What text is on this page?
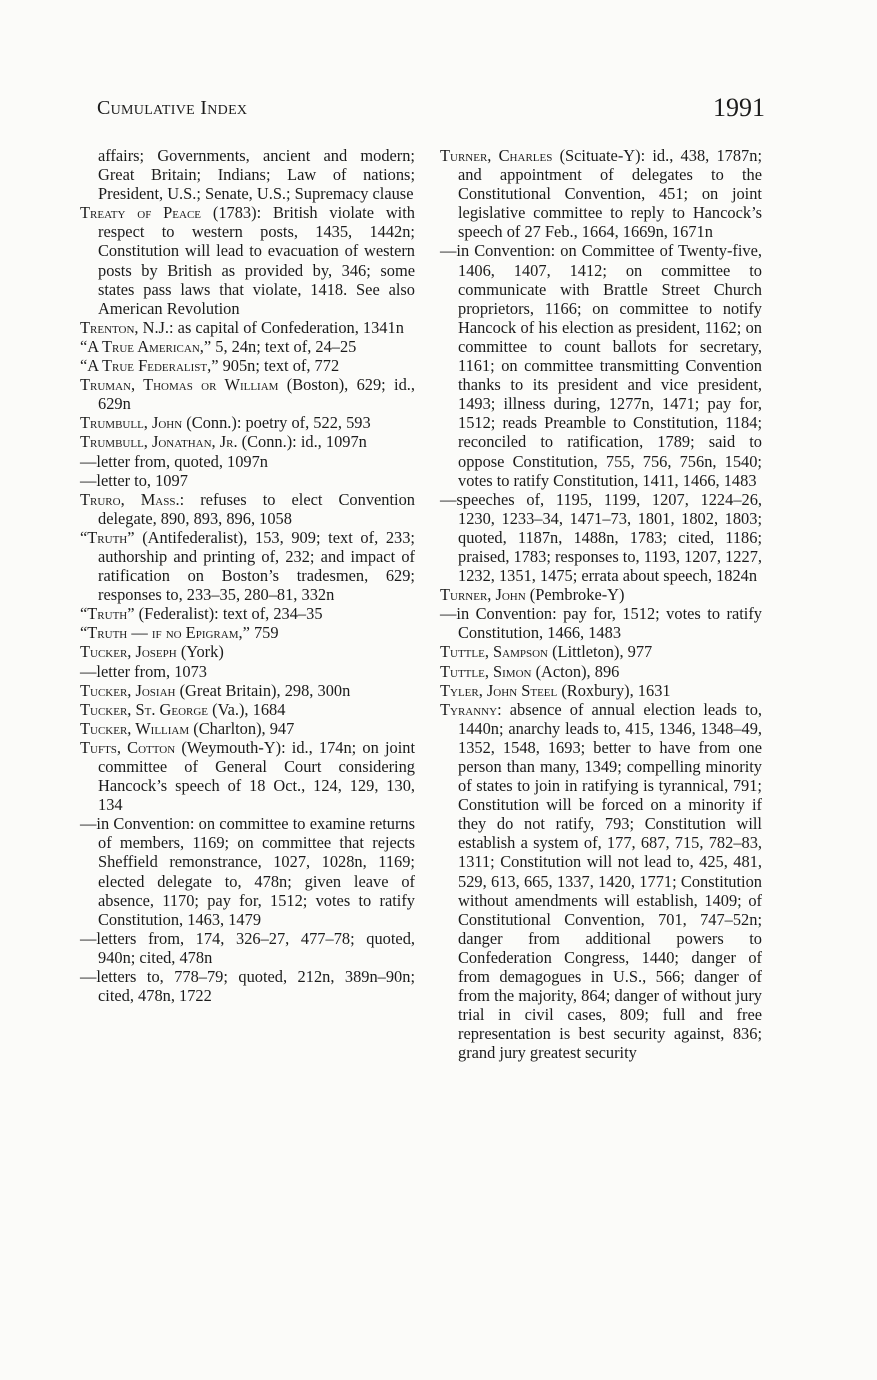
Cumulative Index	1991

affairs; Governments, ancient and modern; Great Britain; Indians; Law of nations; President, U.S.; Senate, U.S.; Supremacy clause

Treaty of Peace (1783): British violate with respect to western posts, 1435, 1442n; Constitution will lead to evacuation of western posts by British as provided by, 346; some states pass laws that violate, 1418. See also American Revolution

Trenton, N.J.: as capital of Confederation, 1341n

“A True American,” 5, 24n; text of, 24–25

“A True Federalist,” 905n; text of, 772

Truman, Thomas or William (Boston), 629; id., 629n

Trumbull, John (Conn.): poetry of, 522, 593

Trumbull, Jonathan, Jr. (Conn.): id., 1097n

—letter from, quoted, 1097n

—letter to, 1097

Truro, Mass.: refuses to elect Convention delegate, 890, 893, 896, 1058

“Truth” (Antifederalist), 153, 909; text of, 233; authorship and printing of, 232; and impact of ratification on Boston’s tradesmen, 629; responses to, 233–35, 280–81, 332n

“Truth” (Federalist): text of, 234–35

“Truth — if no Epigram,” 759

Tucker, Joseph (York)

—letter from, 1073

Tucker, Josiah (Great Britain), 298, 300n

Tucker, St. George (Va.), 1684

Tucker, William (Charlton), 947

Tufts, Cotton (Weymouth-Y): id., 174n; on joint committee of General Court considering Hancock’s speech of 18 Oct., 124, 129, 130, 134

—in Convention: on committee to examine returns of members, 1169; on committee that rejects Sheffield remonstrance, 1027, 1028n, 1169; elected delegate to, 478n; given leave of absence, 1170; pay for, 1512; votes to ratify Constitution, 1463, 1479

—letters from, 174, 326–27, 477–78; quoted, 940n; cited, 478n

—letters to, 778–79; quoted, 212n, 389n–90n; cited, 478n, 1722

Turner, Charles (Scituate-Y): id., 438, 1787n; and appointment of delegates to the Constitutional Convention, 451; on joint legislative committee to reply to Hancock’s speech of 27 Feb., 1664, 1669n, 1671n

—in Convention: on Committee of Twenty-five, 1406, 1407, 1412; on committee to communicate with Brattle Street Church proprietors, 1166; on committee to notify Hancock of his election as president, 1162; on committee to count ballots for secretary, 1161; on committee transmitting Convention thanks to its president and vice president, 1493; illness during, 1277n, 1471; pay for, 1512; reads Preamble to Constitution, 1184; reconciled to ratification, 1789; said to oppose Constitution, 755, 756, 756n, 1540; votes to ratify Constitution, 1411, 1466, 1483

—speeches of, 1195, 1199, 1207, 1224–26, 1230, 1233–34, 1471–73, 1801, 1802, 1803; quoted, 1187n, 1488n, 1783; cited, 1186; praised, 1783; responses to, 1193, 1207, 1227, 1232, 1351, 1475; errata about speech, 1824n

Turner, John (Pembroke-Y)

—in Convention: pay for, 1512; votes to ratify Constitution, 1466, 1483

Tuttle, Sampson (Littleton), 977

Tuttle, Simon (Acton), 896

Tyler, John Steel (Roxbury), 1631

Tyranny: absence of annual election leads to, 1440n; anarchy leads to, 415, 1346, 1348–49, 1352, 1548, 1693; better to have from one person than many, 1349; compelling minority of states to join in ratifying is tyrannical, 791; Constitution will be forced on a minority if they do not ratify, 793; Constitution will establish a system of, 177, 687, 715, 782–83, 1311; Constitution will not lead to, 425, 481, 529, 613, 665, 1337, 1420, 1771; Constitution without amendments will establish, 1409; of Constitutional Convention, 701, 747–52n; danger from additional powers to Confederation Congress, 1440; danger of from demagogues in U.S., 566; danger of from the majority, 864; danger of without jury trial in civil cases, 809; full and free representation is best security against, 836; grand jury greatest security
